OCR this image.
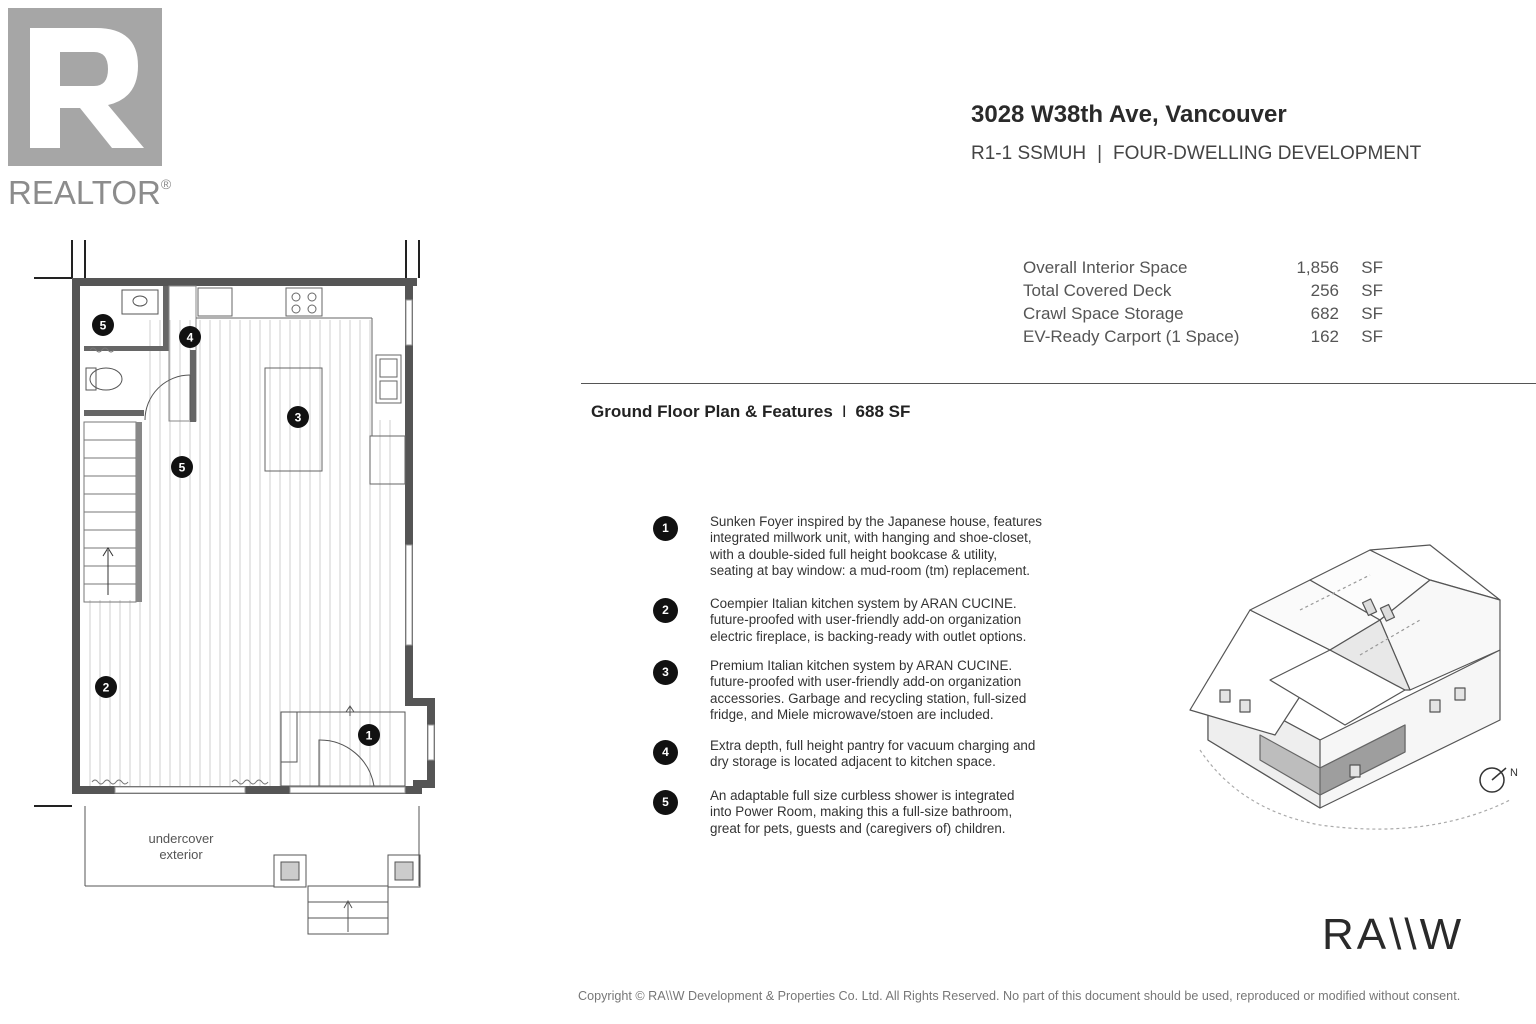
REALTOR®
3028 W38th Ave, Vancouver
R1-1 SSMUH | FOUR-DWELLING DEVELOPMENT
Overall Interior Space	1,856	SF
Total Covered Deck	256	SF
Crawl Space Storage	682	SF
EV-Ready Carport (1 Space)	162	SF
Ground Floor Plan & Features I 688 SF
undercover
exterior
5
4
3
5
2
1
1	Sunken Foyer inspired by the Japanese house, features
integrated millwork unit, with hanging and shoe-closet,
with a double-sided full height bookcase & utility,
seating at bay window: a mud-room (tm) replacement.
2	Coempier Italian kitchen system by ARAN CUCINE.
future-proofed with user-friendly add-on organization
electric fireplace, is backing-ready with outlet options.
3	Premium Italian kitchen system by ARAN CUCINE.
future-proofed with user-friendly add-on organization
accessories. Garbage and recycling station, full-sized
fridge, and Miele microwave/stoen are included.
4	Extra depth, full height pantry for vacuum charging and
dry storage is located adjacent to kitchen space.
5	An adaptable full size curbless shower is integrated
into Power Room, making this a full-size bathroom,
great for pets, guests and (caregivers of) children.
N
RA\\W
Copyright © RA\\W Development & Properties Co. Ltd. All Rights Reserved. No part of this document should be used, reproduced or modified without consent.
